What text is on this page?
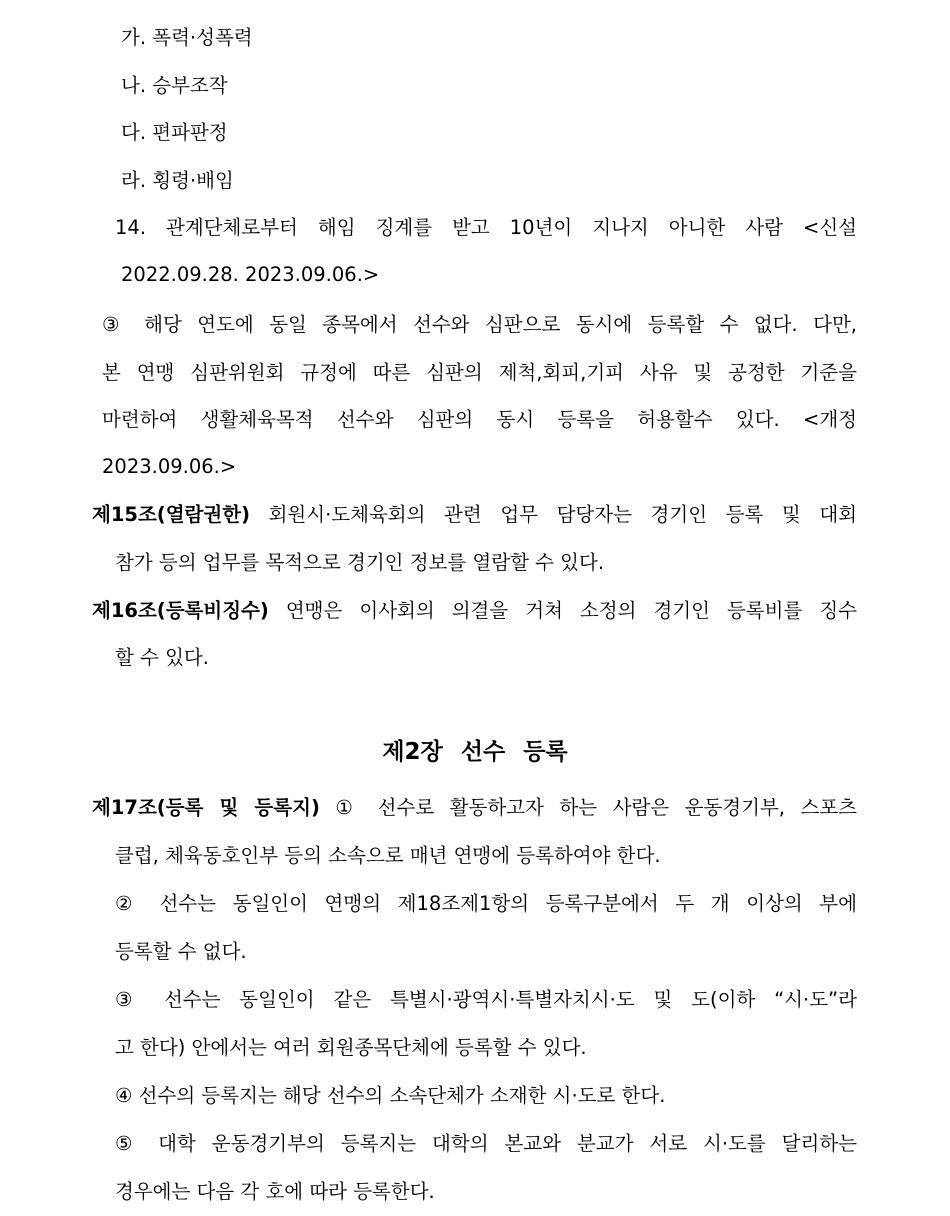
가. 폭력·성폭력
나. 승부조작
다. 편파판정
라. 횡령·배임
14. 관계단체로부터 해임 징계를 받고 10년이 지나지 아니한 사람 <신설
2022.09.28. 2023.09.06.>
③ 해당 연도에 동일 종목에서 선수와 심판으로 동시에 등록할 수 없다. 다만,
본 연맹 심판위원회 규정에 따른 심판의 제척,회피,기피 사유 및 공정한 기준을
마련하여 생활체육목적 선수와 심판의 동시 등록을 허용할수 있다. <개정
2023.09.06.>
제15조(열람권한) 회원시·도체육회의 관련 업무 담당자는 경기인 등록 및 대회
참가 등의 업무를 목적으로 경기인 정보를 열람할 수 있다.
제16조(등록비징수) 연맹은 이사회의 의결을 거쳐 소정의 경기인 등록비를 징수
할 수 있다.
제2장 선수 등록
제17조(등록 및 등록지) ① 선수로 활동하고자 하는 사람은 운동경기부, 스포츠
클럽, 체육동호인부 등의 소속으로 매년 연맹에 등록하여야 한다.
② 선수는 동일인이 연맹의 제18조제1항의 등록구분에서 두 개 이상의 부에
등록할 수 없다.
③ 선수는 동일인이 같은 특별시·광역시·특별자치시·도 및 도(이하 “시·도”라
고 한다) 안에서는 여러 회원종목단체에 등록할 수 있다.
④ 선수의 등록지는 해당 선수의 소속단체가 소재한 시·도로 한다.
⑤ 대학 운동경기부의 등록지는 대학의 본교와 분교가 서로 시·도를 달리하는
경우에는 다음 각 호에 따라 등록한다.
